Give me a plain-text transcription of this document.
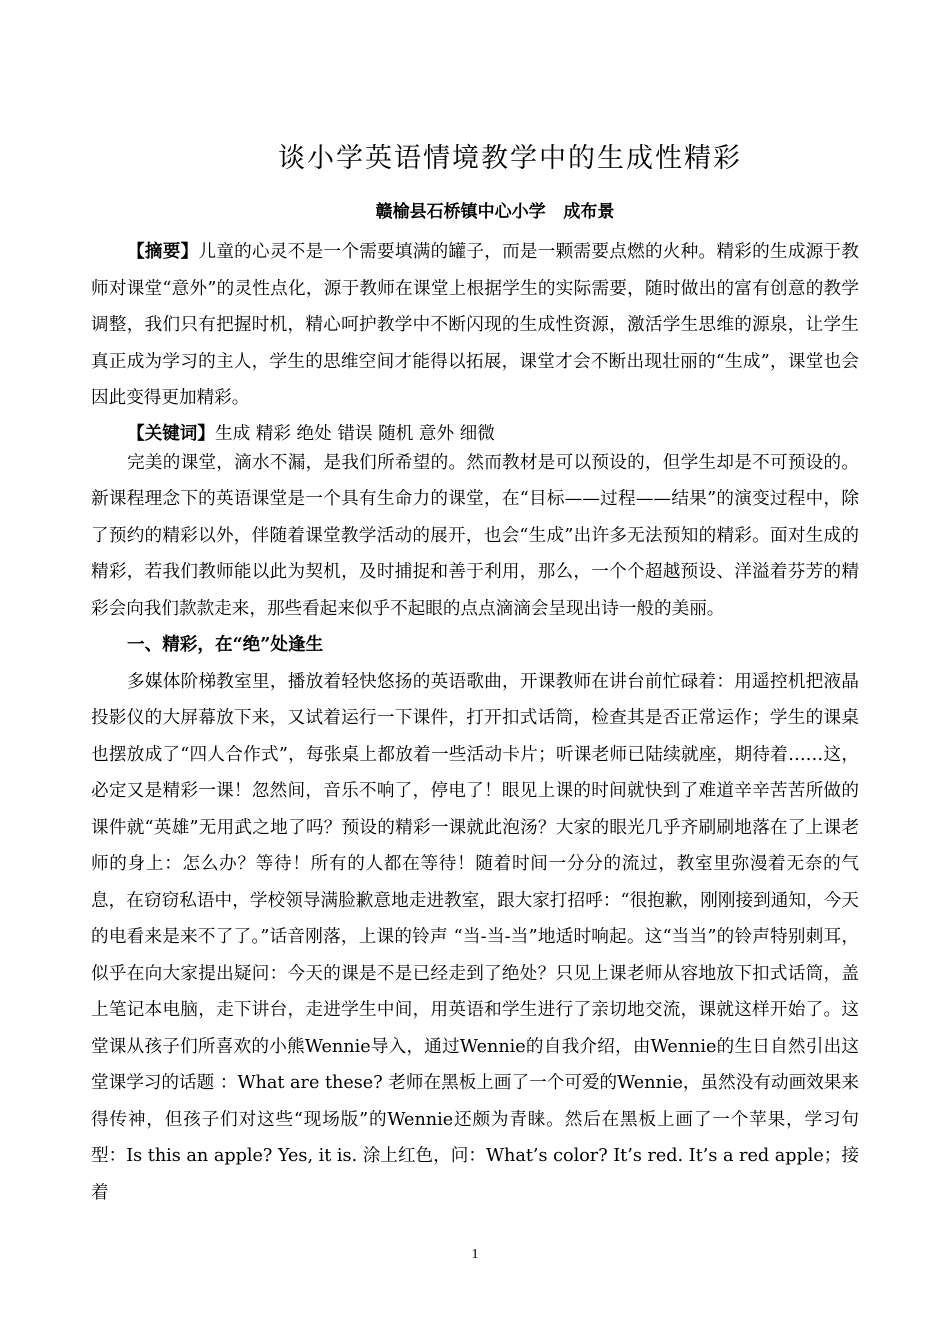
谈小学英语情境教学中的生成性精彩
赣榆县石桥镇中心小学   成布景

【摘要】儿童的心灵不是一个需要填满的罐子，而是一颗需要点燃的火种。精彩的生成源于教师对课堂“意外”的灵性点化，源于教师在课堂上根据学生的实际需要，随时做出的富有创意的教学调整，我们只有把握时机，精心呵护教学中不断闪现的生成性资源，激活学生思维的源泉，让学生真正成为学习的主人，学生的思维空间才能得以拓展，课堂才会不断出现壮丽的“生成”，课堂也会因此变得更加精彩。

【关键词】生成 精彩 绝处 错误 随机 意外 细微

完美的课堂，滴水不漏，是我们所希望的。然而教材是可以预设的，但学生却是不可预设的。新课程理念下的英语课堂是一个具有生命力的课堂，在“目标——过程——结果”的演变过程中，除了预约的精彩以外，伴随着课堂教学活动的展开，也会“生成”出许多无法预知的精彩。面对生成的精彩，若我们教师能以此为契机，及时捕捉和善于利用，那么，一个个超越预设、洋溢着芬芳的精彩会向我们款款走来，那些看起来似乎不起眼的点点滴滴会呈现出诗一般的美丽。

一、精彩，在“绝”处逢生

多媒体阶梯教室里，播放着轻快悠扬的英语歌曲，开课教师在讲台前忙碌着：用遥控机把液晶投影仪的大屏幕放下来，又试着运行一下课件，打开扣式话筒，检查其是否正常运作；学生的课桌也摆放成了“四人合作式”，每张桌上都放着一些活动卡片；听课老师已陆续就座，期待着……这，必定又是精彩一课！忽然间，音乐不响了，停电了！眼见上课的时间就快到了难道辛辛苦苦所做的课件就“英雄”无用武之地了吗？预设的精彩一课就此泡汤？大家的眼光几乎齐刷刷地落在了上课老师的身上：怎么办？等待！所有的人都在等待！随着时间一分分的流过，教室里弥漫着无奈的气息，在窃窃私语中，学校领导满脸歉意地走进教室，跟大家打招呼：“很抱歉，刚刚接到通知，今天的电看来是来不了了。”话音刚落，上课的铃声 “当-当-当”地适时响起。这“当当”的铃声特别刺耳，似乎在向大家提出疑问：今天的课是不是已经走到了绝处？只见上课老师从容地放下扣式话筒，盖上笔记本电脑，走下讲台，走进学生中间，用英语和学生进行了亲切地交流，课就这样开始了。这堂课从孩子们所喜欢的小熊Wennie导入，通过Wennie的自我介绍，由Wennie的生日自然引出这堂课学习的话题 ：What are these? 老师在黑板上画了一个可爱的Wennie，虽然没有动画效果来得传神，但孩子们对这些“现场版”的Wennie还颇为青睐。然后在黑板上画了一个苹果，学习句型：Is this an apple? Yes, it is. 涂上红色，问：What’s color? It’s red. It’s a red apple；接着

1
